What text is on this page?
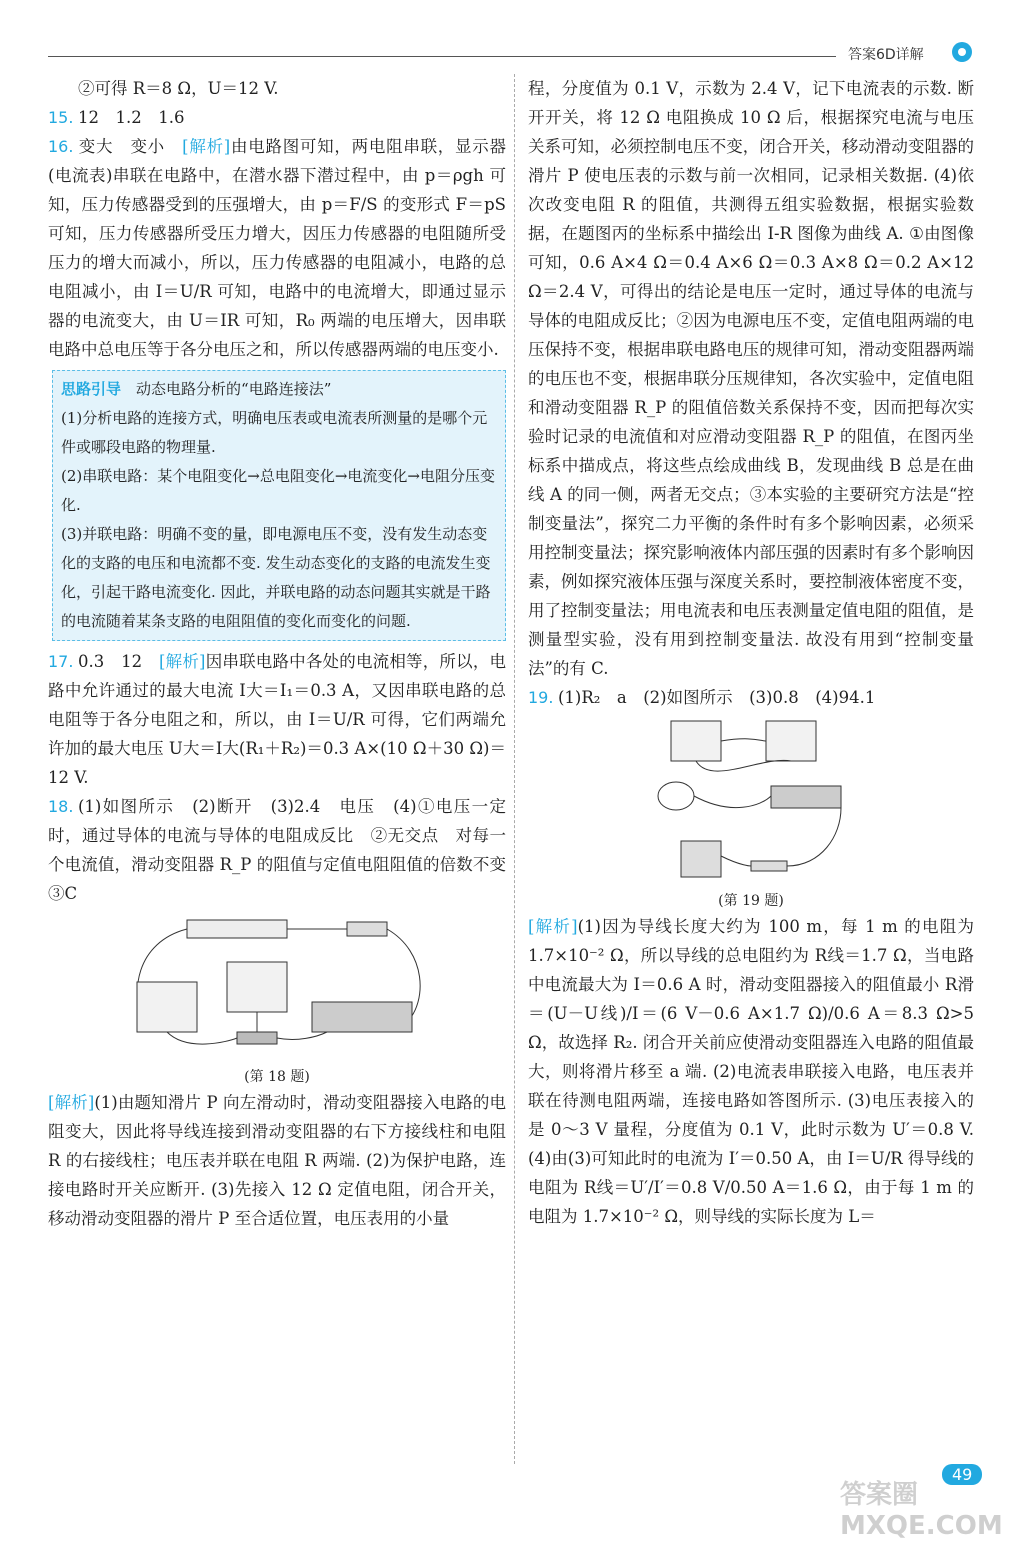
答案6D详解

②可得 R＝8 Ω，U＝12 V.

15. 12　1.2　1.6

16. 变大　变小　[解析]由电路图可知，两电阻串联，显示器(电流表)串联在电路中，在潜水器下潜过程中，由 p＝ρgh 可知，压力传感器受到的压强增大，由 p＝F/S 的变形式 F＝pS 可知，压力传感器所受压力增大，因压力传感器的电阻随所受压力的增大而减小，所以，压力传感器的电阻减小，电路的总电阻减小，由 I＝U/R 可知，电路中的电流增大，即通过显示器的电流变大，由 U＝IR 可知，R₀ 两端的电压增大，因串联电路中总电压等于各分电压之和，所以传感器两端的电压变小.

思路引导　 动态电路分析的“电路连接法”
(1)分析电路的连接方式，明确电压表或电流表所测量的是哪个元件或哪段电路的物理量.
(2)串联电路：某个电阻变化→总电阻变化→电流变化→电阻分压变化.
(3)并联电路：明确不变的量，即电源电压不变，没有发生动态变化的支路的电压和电流都不变. 发生动态变化的支路的电流发生变化，引起干路电流变化. 因此，并联电路的动态问题其实就是干路的电流随着某条支路的电阻阻值的变化而变化的问题.

17. 0.3　12　[解析]因串联电路中各处的电流相等，所以，电路中允许通过的最大电流 I大＝I₁＝0.3 A，又因串联电路的总电阻等于各分电阻之和，所以，由 I＝U/R 可得，它们两端允许加的最大电压 U大＝I大(R₁＋R₂)＝0.3 A×(10 Ω＋30 Ω)＝12 V.

18. (1)如图所示　(2)断开　(3)2.4　电压　(4)①电压一定时，通过导体的电流与导体的电阻成反比　②无交点　对每一个电流值，滑动变阻器 R_P 的阻值与定值电阻阻值的倍数不变　③C

(第 18 题)

[解析](1)由题知滑片 P 向左滑动时，滑动变阻器接入电路的电阻变大，因此将导线连接到滑动变阻器的右下方接线柱和电阻 R 的右接线柱；电压表并联在电阻 R 两端. (2)为保护电路，连接电路时开关应断开. (3)先接入 12 Ω 定值电阻，闭合开关，移动滑动变阻器的滑片 P 至合适位置，电压表用的小量

程，分度值为 0.1 V，示数为 2.4 V，记下电流表的示数. 断开开关，将 12 Ω 电阻换成 10 Ω 后，根据探究电流与电压关系可知，必须控制电压不变，闭合开关，移动滑动变阻器的滑片 P 使电压表的示数与前一次相同，记录相关数据. (4)依次改变电阻 R 的阻值，共测得五组实验数据，根据实验数据，在题图丙的坐标系中描绘出 I-R 图像为曲线 A. ①由图像可知，0.6 A×4 Ω＝0.4 A×6 Ω＝0.3 A×8 Ω＝0.2 A×12 Ω＝2.4 V，可得出的结论是电压一定时，通过导体的电流与导体的电阻成反比；②因为电源电压不变，定值电阻两端的电压保持不变，根据串联电路电压的规律可知，滑动变阻器两端的电压也不变，根据串联分压规律知，各次实验中，定值电阻和滑动变阻器 R_P 的阻值倍数关系保持不变，因而把每次实验时记录的电流值和对应滑动变阻器 R_P 的阻值，在图丙坐标系中描成点，将这些点绘成曲线 B，发现曲线 B 总是在曲线 A 的同一侧，两者无交点；③本实验的主要研究方法是“控制变量法”，探究二力平衡的条件时有多个影响因素，必须采用控制变量法；探究影响液体内部压强的因素时有多个影响因素，例如探究液体压强与深度关系时，要控制液体密度不变，用了控制变量法；用电流表和电压表测量定值电阻的阻值，是测量型实验，没有用到控制变量法. 故没有用到“控制变量法”的有 C.

19. (1)R₂　a　(2)如图所示　(3)0.8　(4)94.1

(第 19 题)

[解析](1)因为导线长度大约为 100 m，每 1 m 的电阻为 1.7×10⁻² Ω，所以导线的总电阻约为 R线＝1.7 Ω，当电路中电流最大为 I＝0.6 A 时，滑动变阻器接入的阻值最小 R滑＝(U－U线)/I＝(6 V－0.6 A×1.7 Ω)/0.6 A＝8.3 Ω>5 Ω，故选择 R₂. 闭合开关前应使滑动变阻器连入电路的阻值最大，则将滑片移至 a 端. (2)电流表串联接入电路，电压表并联在待测电阻两端，连接电路如答图所示. (3)电压表接入的是 0～3 V 量程，分度值为 0.1 V，此时示数为 U′＝0.8 V. (4)由(3)可知此时的电流为 I′＝0.50 A，由 I＝U/R 得导线的电阻为 R线＝U′/I′＝0.8 V/0.50 A＝1.6 Ω，由于每 1 m 的电阻为 1.7×10⁻² Ω，则导线的实际长度为 L＝

答案圈 MXQE.COM
49
